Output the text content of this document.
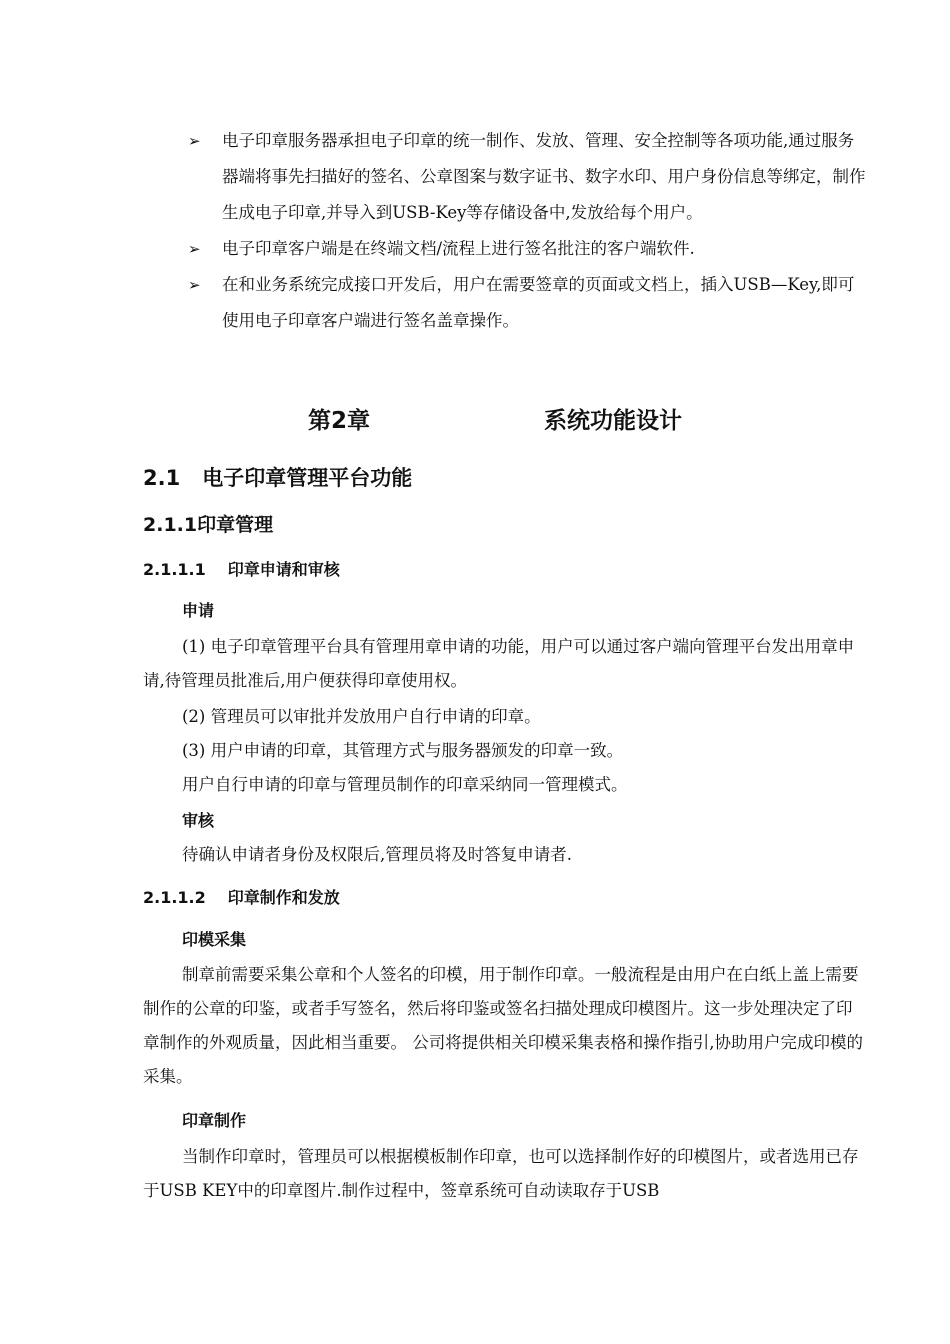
➢ 电子印章服务器承担电子印章的统一制作、发放、管理、安全控制等各项功能,通过服务器端将事先扫描好的签名、公章图案与数字证书、数字水印、用户身份信息等绑定，制作生成电子印章,并导入到USB-Key等存储设备中,发放给每个用户。
➢ 电子印章客户端是在终端文档/流程上进行签名批注的客户端软件.
➢ 在和业务系统完成接口开发后，用户在需要签章的页面或文档上，插入USB—Key,即可使用电子印章客户端进行签名盖章操作。
第2章	系统功能设计
2.1 电子印章管理平台功能
2.1.1印章管理
2.1.1.1 印章申请和审核
申请
(1) 电子印章管理平台具有管理用章申请的功能，用户可以通过客户端向管理平台发出用章申请,待管理员批准后,用户便获得印章使用权。
(2) 管理员可以审批并发放用户自行申请的印章。
(3) 用户申请的印章，其管理方式与服务器颁发的印章一致。
用户自行申请的印章与管理员制作的印章采纳同一管理模式。
审核
待确认申请者身份及权限后,管理员将及时答复申请者.
2.1.1.2 印章制作和发放
印模采集
制章前需要采集公章和个人签名的印模，用于制作印章。一般流程是由用户在白纸上盖上需要制作的公章的印鉴，或者手写签名，然后将印鉴或签名扫描处理成印模图片。这一步处理决定了印章制作的外观质量，因此相当重要。 公司将提供相关印模采集表格和操作指引,协助用户完成印模的采集。
印章制作
当制作印章时，管理员可以根据模板制作印章，也可以选择制作好的印模图片，或者选用已存于USB KEY中的印章图片.制作过程中，签章系统可自动读取存于USB
